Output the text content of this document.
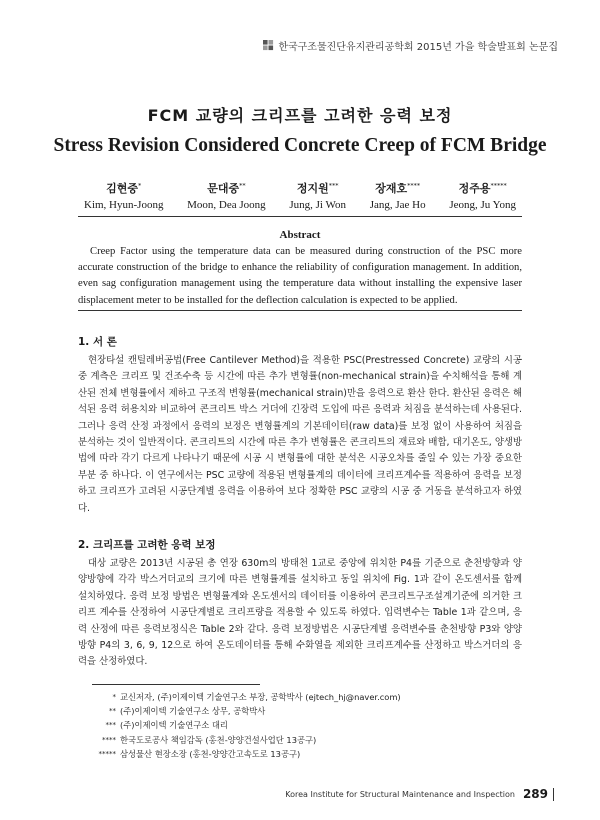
한국구조물진단유지관리공학회 2015년 가을 학술발표회 논문집
FCM 교량의 크리프를 고려한 응력 보정
Stress Revision Considered Concrete Creep of FCM Bridge
김현중*
Kim, Hyun-Joong
문대중**
Moon, Dea Joong
정지원***
Jung, Ji Won
장재호****
Jang, Jae Ho
정주용*****
Jeong, Ju Yong
Abstract
Creep Factor using the temperature data can be measured during construction of the PSC more accurate construction of the bridge to enhance the reliability of configuration management. In addition, even sag configuration management using the temperature data without installing the expensive laser displacement meter to be installed for the deflection calculation is expected to be applied.
1. 서 론
현장타설 캔틸레버공법(Free Cantilever Method)을 적용한 PSC(Prestressed Concrete) 교량의 시공 중 계측은 크리프 및 건조수축 등 시간에 따른 추가 변형률(non-mechanical strain)을 수치해석을 통해 계산된 전체 변형률에서 제하고 구조적 변형률(mechanical strain)만을 응력으로 환산 한다. 환산된 응력은 해석된 응력 허용치와 비교하여 콘크리트 박스 거더에 긴장력 도입에 따른 응력과 처짐을 분석하는데 사용된다. 그러나 응력 산정 과정에서 응력의 보정은 변형률계의 기본데이터(raw data)를 보정 없이 사용하여 처짐을 분석하는 것이 일반적이다. 콘크리트의 시간에 따른 추가 변형률은 콘크리트의 재료와 배합, 대기온도, 양생방법에 따라 각기 다르게 나타나기 때문에 시공 시 변형률에 대한 분석은 시공오차를 줄일 수 있는 가장 중요한 부분 중 하나다. 이 연구에서는 PSC 교량에 적용된 변형률계의 데이터에 크리프계수를 적용하여 응력을 보정하고 크리프가 고려된 시공단계별 응력을 이용하여 보다 정확한 PSC 교량의 시공 중 거동을 분석하고자 하였다.
2. 크리프를 고려한 응력 보정
대상 교량은 2013년 시공된 총 연장 630m의 방태천 1교로 중앙에 위치한 P4를 기준으로 춘천방향과 양양방향에 각각 박스거더교의 크기에 따른 변형률계를 설치하고 동일 위치에 Fig. 1과 같이 온도센서를 함께 설치하였다. 응력 보정 방법은 변형률계와 온도센서의 데이터를 이용하여 콘크리트구조설계기준에 의거한 크리프 계수를 산정하여 시공단계별로 크리프량을 적용할 수 있도록 하였다. 입력변수는 Table 1과 같으며, 응력 산정에 따른 응력보정식은 Table 2와 같다. 응력 보정방법은 시공단계별 응력변수를 춘천방향 P3와 양양방향 P4의 3, 6, 9, 12으로 하여 온도데이터를 통해 수화열을 제외한 크리프계수를 산정하고 박스거더의 응력을 산정하였다.
* 교신저자, (주)이제이텍 기술연구소 부장, 공학박사 (ejtech_hj@naver.com)
** (주)이제이텍 기술연구소 상무, 공학박사
*** (주)이제이텍 기술연구소 대리
**** 한국도로공사 책임감독 (홍천-양양건설사업단 13공구)
***** 삼성물산 현장소장 (홍천-양양간고속도로 13공구)
Korea Institute for Structural Maintenance and Inspection 289
